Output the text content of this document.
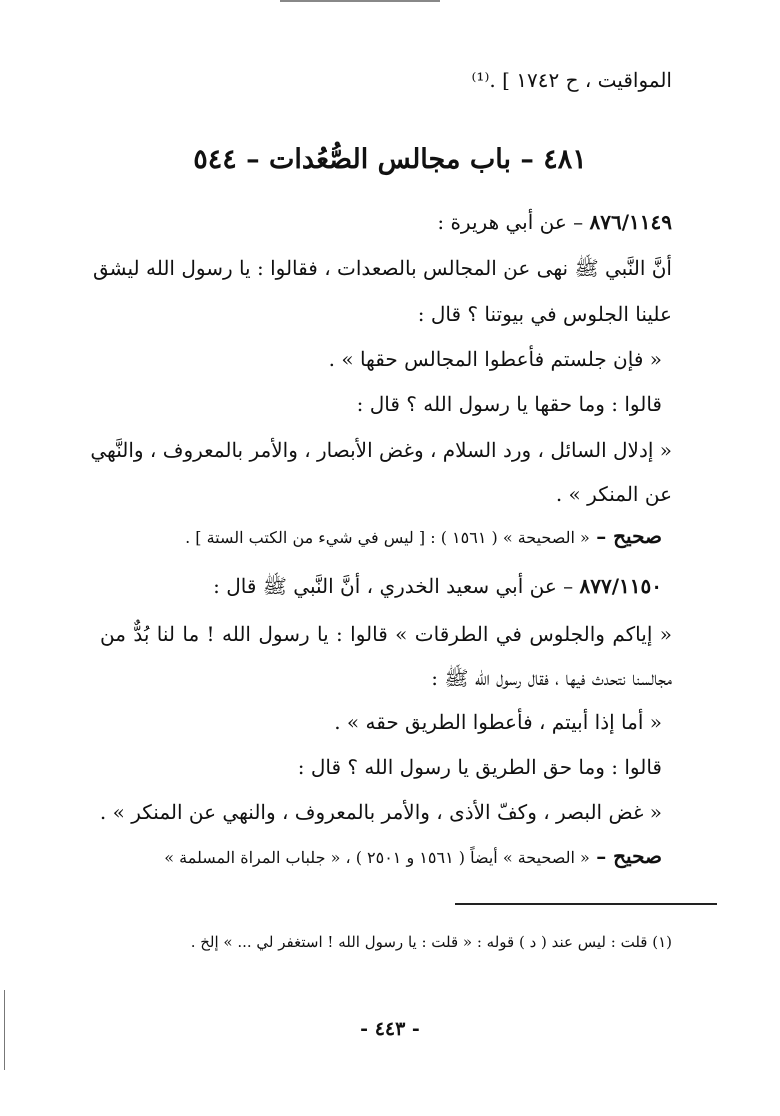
المواقيت ، ح ١٧٤٢ ] .⁽¹⁾
٤٨١ – باب مجالس الصُّعُدات – ٥٤٤
٨٧٦/١١٤٩ – عن أبي هريرة :
أنَّ النَّبي ﷺ نهى عن المجالس بالصعدات ، فقالوا : يا رسول الله ليشق
علينا الجلوس في بيوتنا ؟ قال :
« فإن جلستم فأعطوا المجالس حقها » .
قالوا : وما حقها يا رسول الله ؟ قال :
« إدلال السائل ، ورد السلام ، وغض الأبصار ، والأمر بالمعروف ، والنَّهي
عن المنكر » .
صحيح – « الصحيحة » ( ١٥٦١ ) : [ ليس في شيء من الكتب الستة ] .
٨٧٧/١١٥٠ – عن أبي سعيد الخدري ، أنَّ النَّبي ﷺ قال :
« إياكم والجلوس في الطرقات » قالوا : يا رسول الله ! ما لنا بُدٌّ من
مجالسنا نتحدث فيها ، فقال رسول الله ﷺ :
« أما إذا أبيتم ، فأعطوا الطريق حقه » .
قالوا : وما حق الطريق يا رسول الله ؟ قال :
« غض البصر ، وكفّ الأذى ، والأمر بالمعروف ، والنهي عن المنكر » .
صحيح – « الصحيحة » أيضاً ( ١٥٦١ و ٢٥٠١ ) ، « جلباب المراة المسلمة »
(١) قلت : ليس عند ( د ) قوله : « قلت : يا رسول الله ! استغفر لي ... » إلخ .
- ٤٤٣ -
